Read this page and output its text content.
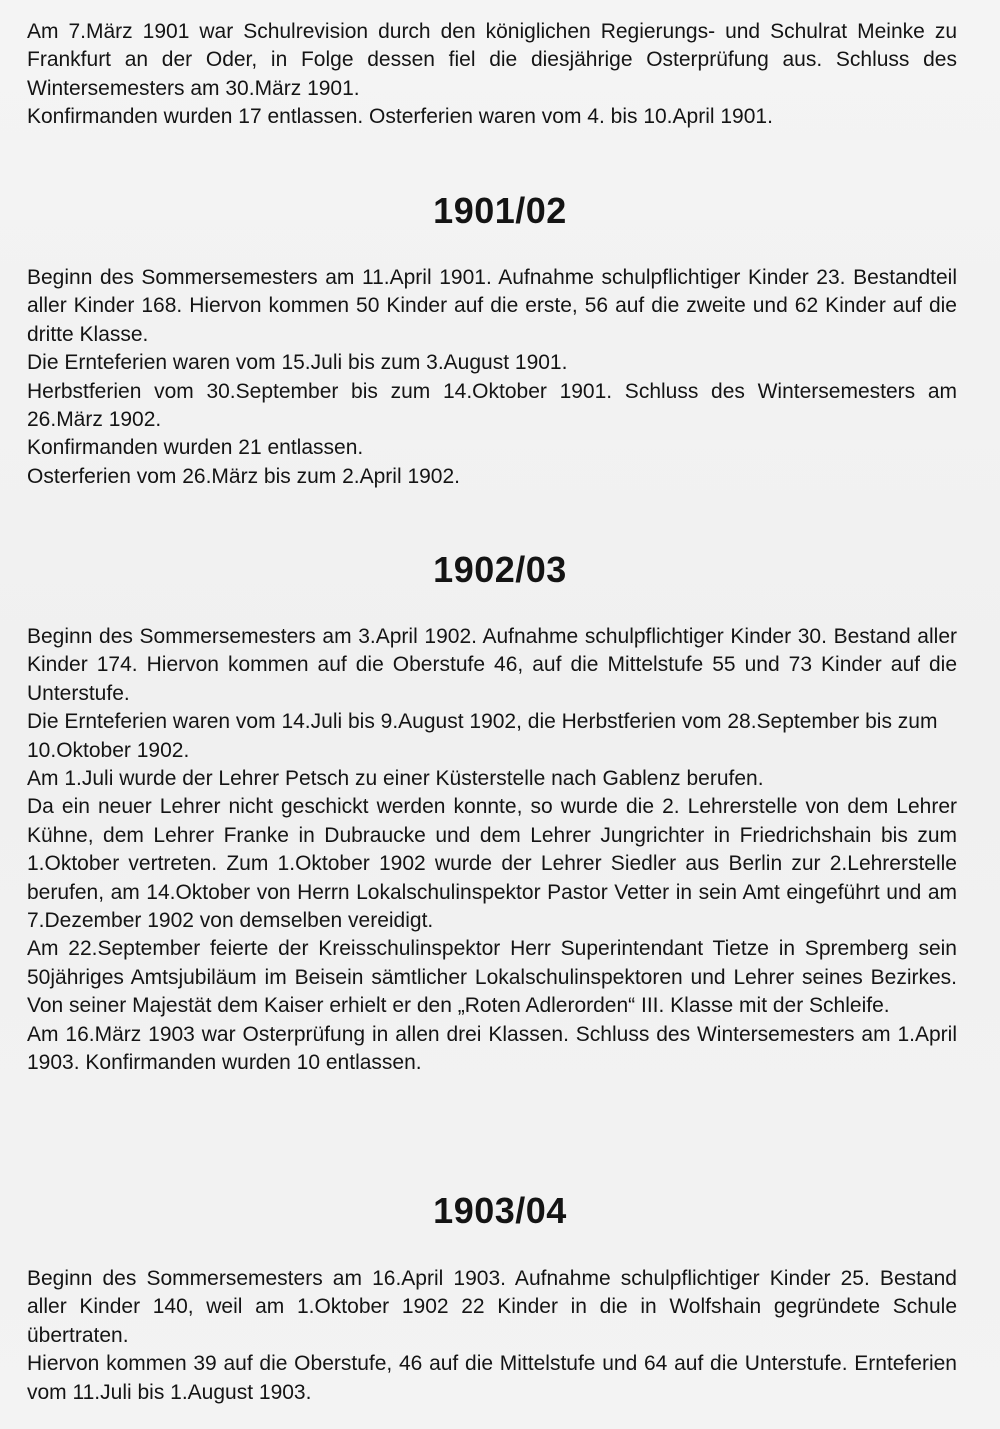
Am 7.März 1901 war Schulrevision durch den königlichen Regierungs- und Schulrat Meinke zu Frankfurt an der Oder, in Folge dessen fiel die diesjährige Osterprüfung aus. Schluss des Wintersemesters am 30.März 1901.

Konfirmanden wurden 17 entlassen. Osterferien waren vom 4. bis 10.April 1901.

1901/02

Beginn des Sommersemesters am 11.April 1901. Aufnahme schulpflichtiger Kinder 23. Bestandteil aller Kinder 168. Hiervon kommen 50 Kinder auf die erste, 56 auf die zweite und 62 Kinder auf die dritte Klasse.

Die Ernteferien waren vom 15.Juli bis zum 3.August 1901.

Herbstferien vom 30.September bis zum 14.Oktober 1901. Schluss des Wintersemesters am 26.März 1902.

Konfirmanden wurden 21 entlassen.

Osterferien vom 26.März bis zum 2.April 1902.

1902/03

Beginn des Sommersemesters am 3.April 1902. Aufnahme schulpflichtiger Kinder 30. Bestand aller Kinder 174. Hiervon kommen auf die Oberstufe 46, auf die Mittelstufe 55 und 73 Kinder auf die Unterstufe.

Die Ernteferien waren vom 14.Juli bis 9.August 1902, die Herbstferien vom 28.September bis zum 10.Oktober 1902.

Am 1.Juli wurde der Lehrer Petsch zu einer Küsterstelle nach Gablenz berufen.

Da ein neuer Lehrer nicht geschickt werden konnte, so wurde die 2. Lehrerstelle von dem Lehrer Kühne, dem Lehrer Franke in Dubraucke und dem Lehrer Jungrichter in Friedrichshain bis zum 1.Oktober vertreten. Zum 1.Oktober 1902 wurde der Lehrer Siedler aus Berlin zur 2.Lehrerstelle berufen, am 14.Oktober von Herrn Lokalschulinspektor Pastor Vetter in sein Amt eingeführt und am 7.Dezember 1902 von demselben vereidigt.

Am 22.September feierte der Kreisschulinspektor Herr Superintendant Tietze in Spremberg sein 50jähriges Amtsjubiläum im Beisein sämtlicher Lokalschulinspektoren und Lehrer seines Bezirkes. Von seiner Majestät dem Kaiser erhielt er den „Roten Adlerorden“ III. Klasse mit der Schleife.

Am 16.März 1903 war Osterprüfung in allen drei Klassen. Schluss des Wintersemesters am 1.April 1903. Konfirmanden wurden 10 entlassen.

1903/04

Beginn des Sommersemesters am 16.April 1903. Aufnahme schulpflichtiger Kinder 25. Bestand aller Kinder 140, weil am 1.Oktober 1902 22 Kinder in die in Wolfshain gegründete Schule übertraten.

Hiervon kommen 39 auf die Oberstufe, 46 auf die Mittelstufe und 64 auf die Unterstufe. Ernteferien vom 11.Juli bis 1.August 1903.
